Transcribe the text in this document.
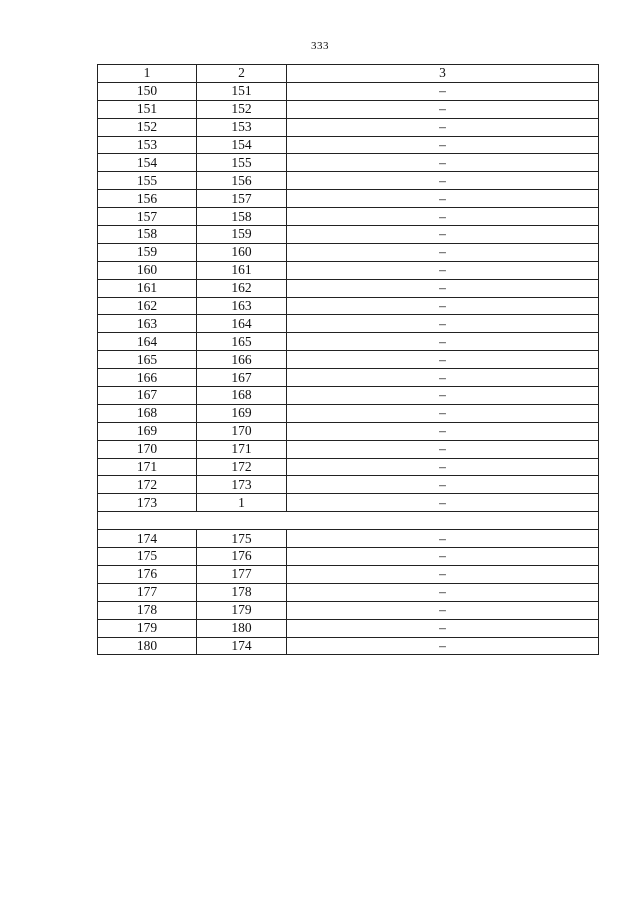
333
1	2	3
150	151	–
151	152	–
152	153	–
153	154	–
154	155	–
155	156	–
156	157	–
157	158	–
158	159	–
159	160	–
160	161	–
161	162	–
162	163	–
163	164	–
164	165	–
165	166	–
166	167	–
167	168	–
168	169	–
169	170	–
170	171	–
171	172	–
172	173	–
173	1	–

174	175	–
175	176	–
176	177	–
177	178	–
178	179	–
179	180	–
180	174	–
